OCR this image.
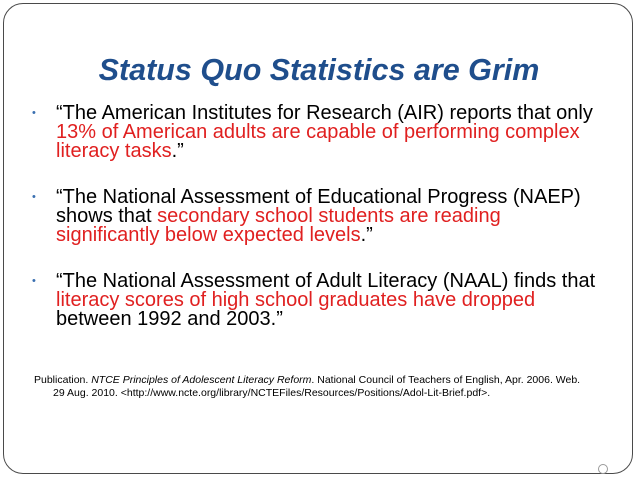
Status Quo Statistics are Grim
•	“The American Institutes for Research (AIR) reports that only 13% of American adults are capable of performing complex literacy tasks.”
•	“The National Assessment of Educational Progress (NAEP) shows that secondary school students are reading significantly below expected levels.”
•	“The National Assessment of Adult Literacy (NAAL) finds that literacy scores of high school graduates have dropped between 1992 and 2003.”
Publication. NTCE Principles of Adolescent Literacy Reform. National Council of Teachers of English, Apr. 2006. Web.
29 Aug. 2010. <http://www.ncte.org/library/NCTEFiles/Resources/Positions/Adol-Lit-Brief.pdf>.
